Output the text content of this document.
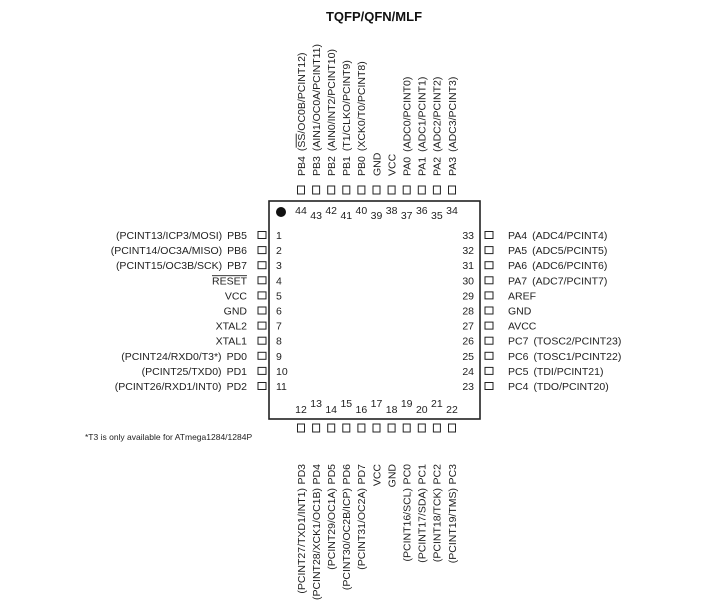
TQFP/QFN/MLF
PB5
(PCINT13/ICP3/MOSI)
PB6
(PCINT14/OC3A/MISO)
PB7
(PCINT15/OC3B/SCK)
RESET
VCC
GND
XTAL2
XTAL1
PD0
(PCINT24/RXD0/T3*)
PD1
(PCINT25/TXD0)
PD2
(PCINT26/RXD1/INT0)
PA4 (ADC4/PCINT4)
PA5 (ADC5/PCINT5)
PA6 (ADC6/PCINT6)
PA7 (ADC7/PCINT7)
AREF
GND
AVCC
PC7 (TOSC2/PCINT23)
PC6 (TOSC1/PCINT22)
PC5 (TDI/PCINT21)
PC4 (TDO/PCINT20)
PB4
(SS/OC0B/PCINT12)
PB3
(AIN1/OC0A/PCINT11)
PB2
(AIN0/INT2/PCINT10)
PB1
(T1/CLKO/PCINT9)
PB0
(XCK0/T0/PCINT8)
GND VCC PA0
(ADC0/PCINT0)
PA1
(ADC1/PCINT1)
PA2
(ADC2/PCINT2)
PA3
(ADC3/PCINT3)
PD3
(PCINT27/TXD1/INT1)
PD4
(PCINT28/XCK1/OC1B)
PD5
(PCINT29/OC1A)
PD6
(PCINT30/OC2B/ICP)
PD7
(PCINT31/OC2A)
VCC GND PC0
(PCINT16/SCL)
PC1
(PCINT17/SDA)
PC2
(PCINT18/TCK)
PC3
(PCINT19/TMS)
1
2
3
4
5
6
7
8
9
10
11
33
32
31
30
29
28
27
26
25
24
23
44 43 42 41 40 39 38 37 36 35 34
12 13 14 15 16 17 18 19 20 21 22
*T3 is only available for ATmega1284/1284P
